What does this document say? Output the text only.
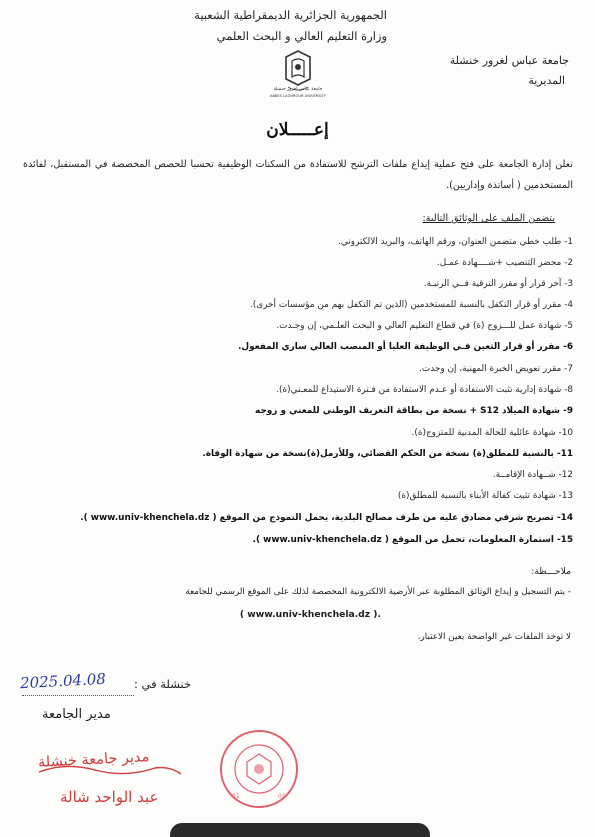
الجمهورية الجزائرية الديمقراطية الشعبية
وزارة التعليم العالي و البحث العلمي
جامعة عباس لغرور خنشلة
المديرية
جامعة عباس لغرور خنشلة
ABBES LAGHROUR UNIVERSITY
إعـــــلان
تعلن إدارة الجامعة على فتح عملية إيداع ملفات الترشح للاستفادة من السكنات الوظيفية تحسبا للحصص المخصصة في المستقبل، لفائدة المستخدمين ( أساتذة وإداريين).
يتضمن الملف على الوثائق التالية:
1- طلب خطي متضمن العنوان، ورقم الهاتف، والبريد الالكتروني.
2- محضر التنصيب +شــــهادة عمـل.
3- آخر قرار أو مقرر الترقية فــي الرتبـة.
4- مقرر أو قرار التكفل بالنسبة للمستخدمين (الذين تم التكفل بهم من مؤسسات أخرى).
5- شهادة عمل للـــزوج (ة) في قطاع التعليم العالي و البحث العلـمي، إن وجـدت.
6- مقرر أو قرار التعين فـي الوظيفة العليا أو المنصب العالي ساري المفعول.
7- مقرر تعويض الخبرة المهنية، إن وجدت.
8- شهادة إدارية تثبت الاستفادة أو عـدم الاستفادة من فـترة الاستيداع للمعـني(ة).
9- شهادة الميلاد S12 + نسخة من بطاقة التعريف الوطني للمعني و زوجه
10- شهادة عائلية للحالة المدنية للمتزوج(ة).
11- بالنسبة للمطلق(ة) نسخة من الحكم القضائي، وللأرمل(ة)نسخة من شهادة الوفاة.
12- شــهادة الإقامــة.
13- شهادة تثبت كفالة الأبناء بالنسبة للمطلق(ة)
14- تصريح شرفي مصادق عليه من طرف مصالح البلدية، يحمل النموذج من الموقع ( www.univ-khenchela.dz ).
15- استمارة المعلومات، تحمل من الموقع ( www.univ-khenchela.dz ).
ملاحـــظة:
- يتم التسجيل و إيداع الوثائق المطلوبة عبر الأرضية الالكترونية المخصصة لذلك على الموقع الرسمي للجامعة
( www.univ-khenchela.dz ).
لا توخذ الملفات غير الواضحة بعين الاعتبار.
خنشلة في :
2025.04.08
مدير الجامعة
مدير جامعة خنشلة
عبد الواحد شالة	01	01
